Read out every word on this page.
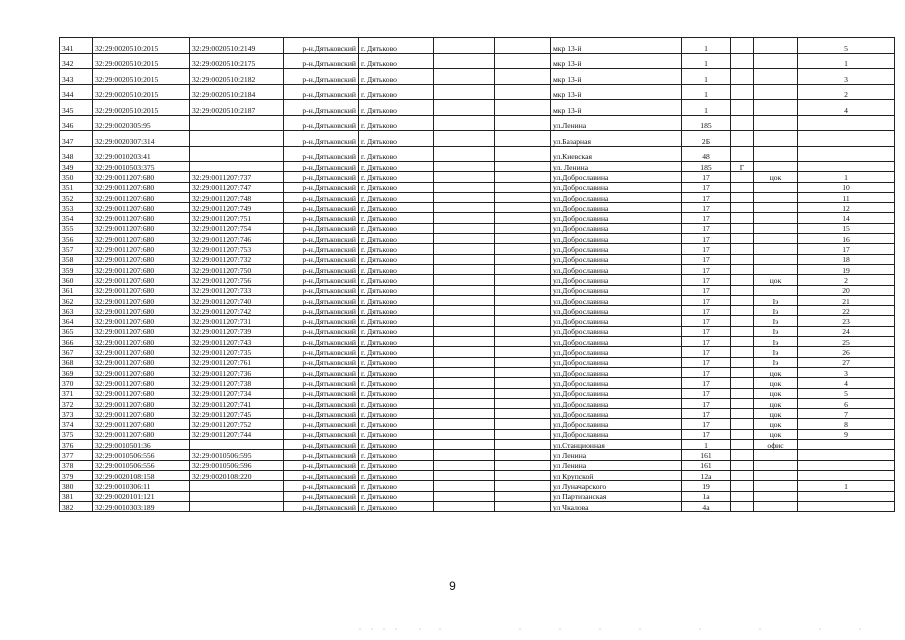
341	32:29:0020510:2015	32:29:0020510:2149	р-н.Дятьковский	г. Дятьково			мкр 13-й	1			5
342	32:29:0020510:2015	32:29:0020510:2175	р-н.Дятьковский	г. Дятьково			мкр 13-й	1			1
343	32:29:0020510:2015	32:29:0020510:2182	р-н.Дятьковский	г. Дятьково			мкр 13-й	1			3
344	32:29:0020510:2015	32:29:0020510:2184	р-н.Дятьковский	г. Дятьково			мкр 13-й	1			2
345	32:29:0020510:2015	32:29:0020510:2187	р-н.Дятьковский	г. Дятьково			мкр 13-й	1			4
346	32:29:0020305:95		р-н.Дятьковский	г. Дятьково			ул.Ленина	185			
347	32:29:0020307:314		р-н.Дятьковский	г. Дятьково			ул.Базарная	2Б			
348	32:29:0010203:41		р-н.Дятьковский	г. Дятьково			ул.Киевская	48			
349	32:29:0010503:375		р-н.Дятьковский	г. Дятьково			ул. Ленина	185	Г		
350	32:29:0011207:680	32:29:0011207:737	р-н.Дятьковский	г. Дятьково			ул.Доброславина	17		цок	1
351	32:29:0011207:680	32:29:0011207:747	р-н.Дятьковский	г. Дятьково			ул.Доброславина	17			10
352	32:29:0011207:680	32:29:0011207:748	р-н.Дятьковский	г. Дятьково			ул.Доброславина	17			11
353	32:29:0011207:680	32:29:0011207:749	р-н.Дятьковский	г. Дятьково			ул.Доброславина	17			12
354	32:29:0011207:680	32:29:0011207:751	р-н.Дятьковский	г. Дятьково			ул.Доброславина	17			14
355	32:29:0011207:680	32:29:0011207:754	р-н.Дятьковский	г. Дятьково			ул.Доброславина	17			15
356	32:29:0011207:680	32:29:0011207:746	р-н.Дятьковский	г. Дятьково			ул.Доброславина	17			16
357	32:29:0011207:680	32:29:0011207:753	р-н.Дятьковский	г. Дятьково			ул.Доброславина	17			17
358	32:29:0011207:680	32:29:0011207:732	р-н.Дятьковский	г. Дятьково			ул.Доброславина	17			18
359	32:29:0011207:680	32:29:0011207:750	р-н.Дятьковский	г. Дятьково			ул.Доброславина	17			19
360	32:29:0011207:680	32:29:0011207:756	р-н.Дятьковский	г. Дятьково			ул.Доброславина	17		цок	2
361	32:29:0011207:680	32:29:0011207:733	р-н.Дятьковский	г. Дятьково			ул.Доброславина	17			20
362	32:29:0011207:680	32:29:0011207:740	р-н.Дятьковский	г. Дятьково			ул.Доброславина	17		Iэ	21
363	32:29:0011207:680	32:29:0011207:742	р-н.Дятьковский	г. Дятьково			ул.Доброславина	17		Iэ	22
364	32:29:0011207:680	32:29:0011207:731	р-н.Дятьковский	г. Дятьково			ул.Доброславина	17		Iэ	23
365	32:29:0011207:680	32:29:0011207:739	р-н.Дятьковский	г. Дятьково			ул.Доброславина	17		Iэ	24
366	32:29:0011207:680	32:29:0011207:743	р-н.Дятьковский	г. Дятьково			ул.Доброславина	17		Iэ	25
367	32:29:0011207:680	32:29:0011207:735	р-н.Дятьковский	г. Дятьково			ул.Доброславина	17		Iэ	26
368	32:29:0011207:680	32:29:0011207:761	р-н.Дятьковский	г. Дятьково			ул.Доброславина	17		Iэ	27
369	32:29:0011207:680	32:29:0011207:736	р-н.Дятьковский	г. Дятьково			ул.Доброславина	17		цок	3
370	32:29:0011207:680	32:29:0011207:738	р-н.Дятьковский	г. Дятьково			ул.Доброславина	17		цок	4
371	32:29:0011207:680	32:29:0011207:734	р-н.Дятьковский	г. Дятьково			ул.Доброславина	17		цок	5
372	32:29:0011207:680	32:29:0011207:741	р-н.Дятьковский	г. Дятьково			ул.Доброславина	17		цок	6
373	32:29:0011207:680	32:29:0011207:745	р-н.Дятьковский	г. Дятьково			ул.Доброславина	17		цок	7
374	32:29:0011207:680	32:29:0011207:752	р-н.Дятьковский	г. Дятьково			ул.Доброславина	17		цок	8
375	32:29:0011207:680	32:29:0011207:744	р-н.Дятьковский	г. Дятьково			ул.Доброславина	17		цок	9
376	32:29:0010501:36		р-н.Дятьковский	г. Дятьково			ул.Станционная	1		офис	
377	32:29:0010506:556	32:29:0010506:595	р-н.Дятьковский	г. Дятьково			ул Ленина	161			
378	32:29:0010506:556	32:29:0010506:596	р-н.Дятьковский	г. Дятьково			ул Ленина	161			
379	32:29:0020108:158	32:29:0020108:220	р-н.Дятьковский	г. Дятьково			ул Крупской	12а			
380	32:29:0010306:11		р-н.Дятьковский	г. Дятьково			ул Луначарского	19			1
381	32:29:0020101:121		р-н.Дятьковский	г. Дятьково			ул Партизанская	1а			
382	32:29:0010303:189		р-н.Дятьковский	г. Дятьково			ул Чкалова	4а			
9
